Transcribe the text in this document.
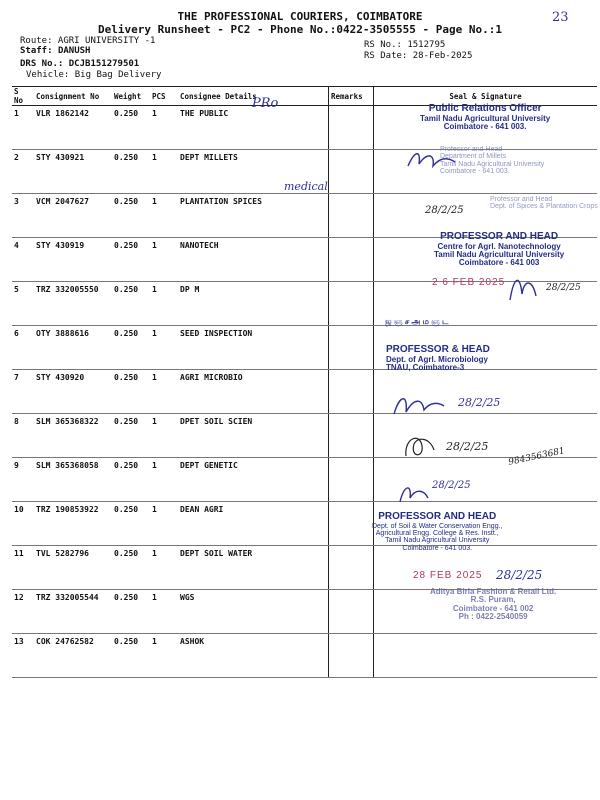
THE PROFESSIONAL COURIERS, COIMBATORE
Delivery Runsheet - PC2 - Phone No.:0422-3505555 - Page No.:1
23
Route: AGRI UNIVERSITY -1
Staff: DANUSH
DRS No.: DCJB151279501
Vehicle: Big Bag Delivery
RS No.: 1512795
RS Date: 28-Feb-2025
S No	Consignment No	Weight	PCS	Consignee Details	Remarks	Seal & Signature
1	VLR 1862142	0.250	1	THE PUBLIC		
2	STY 430921	0.250	1	DEPT MILLETS		
3	VCM 2047627	0.250	1	PLANTATION SPICES		
4	STY 430919	0.250	1	NANOTECH		
5	TRZ 332005550	0.250	1	DP M		
6	OTY 3888616	0.250	1	SEED INSPECTION		
7	STY 430920	0.250	1	AGRI MICROBIO		
8	SLM 365368322	0.250	1	DPET SOIL SCIEN		
9	SLM 365368058	0.250	1	DEPT GENETIC		
10	TRZ 190853922	0.250	1	DEAN AGRI		
11	TVL 5282796	0.250	1	DEPT SOIL WATER		
12	TRZ 332005544	0.250	1	WGS		
13	COK 24762582	0.250	1	ASHOK		
PRo
medical
Public Relations Officer
Tamil Nadu Agricultural University
Coimbatore - 641 003.
Professor and Head
Department of Millets
Tamil Nadu Agricultural University
Coimbatore - 641 003.
28/2/25
Professor and Head
Dept. of Spices & Plantation Crops
PROFESSOR AND HEAD
Centre for Agrl. Nanotechnology
Tamil Nadu Agricultural University
Coimbatore - 641 003
2 6 FEB 2025	28/2/25
ஜ ஞ ச அ ம ஞ ட
PROFESSOR & HEAD
Dept. of Agrl. Microbiology
TNAU, Coimbatore-3
28/2/25
28/2/25 9843563681
28/2/25
PROFESSOR AND HEAD
Dept. of Soil & Water Conservation Engg.,
Agricultural Engg. College & Res. Instt.,
Tamil Nadu Agricultural University
Coimbatore - 641 003.
28 FEB 2025 28/2/25
Aditya Birla Fashion & Retail Ltd.
R.S. Puram,
Coimbatore - 641 002
Ph : 0422-2540059
